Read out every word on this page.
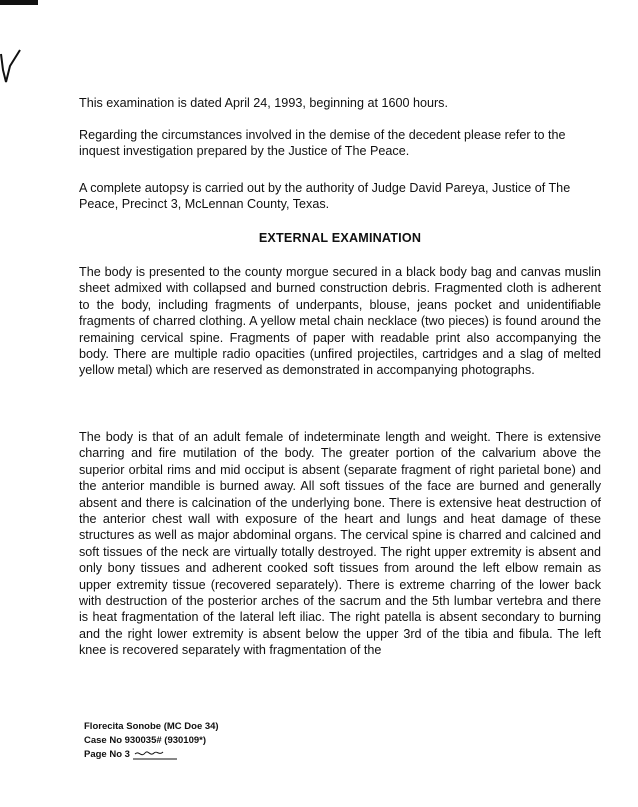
This examination is dated April 24, 1993, beginning at 1600 hours.

Regarding the circumstances involved in the demise of the decedent please refer to the inquest investigation prepared by the Justice of The Peace.

A complete autopsy is carried out by the authority of Judge David Pareya, Justice of The Peace, Precinct 3, McLennan County, Texas.

EXTERNAL EXAMINATION

The body is presented to the county morgue secured in a black body bag and canvas muslin sheet admixed with collapsed and burned construction debris. Fragmented cloth is adherent to the body, including fragments of underpants, blouse, jeans pocket and unidentifiable fragments of charred clothing. A yellow metal chain necklace (two pieces) is found around the remaining cervical spine. Fragments of paper with readable print also accompanying the body. There are multiple radio opacities (unfired projectiles, cartridges and a slag of melted yellow metal) which are reserved as demonstrated in accompanying photographs.

The body is that of an adult female of indeterminate length and weight. There is extensive charring and fire mutilation of the body. The greater portion of the calvarium above the superior orbital rims and mid occiput is absent (separate fragment of right parietal bone) and the anterior mandible is burned away. All soft tissues of the face are burned and generally absent and there is calcination of the underlying bone. There is extensive heat destruction of the anterior chest wall with exposure of the heart and lungs and heat damage of these structures as well as major abdominal organs. The cervical spine is charred and calcined and soft tissues of the neck are virtually totally destroyed. The right upper extremity is absent and only bony tissues and adherent cooked soft tissues from around the left elbow remain as upper extremity tissue (recovered separately). There is extreme charring of the lower back with destruction of the posterior arches of the sacrum and the 5th lumbar vertebra and there is heat fragmentation of the lateral left iliac. The right patella is absent secondary to burning and the right lower extremity is absent below the upper 3rd of the tibia and fibula. The left knee is recovered separately with fragmentation of the

Florecita Sonobe (MC Doe 34)
Case No 930035# (930109*)
Page No 3
